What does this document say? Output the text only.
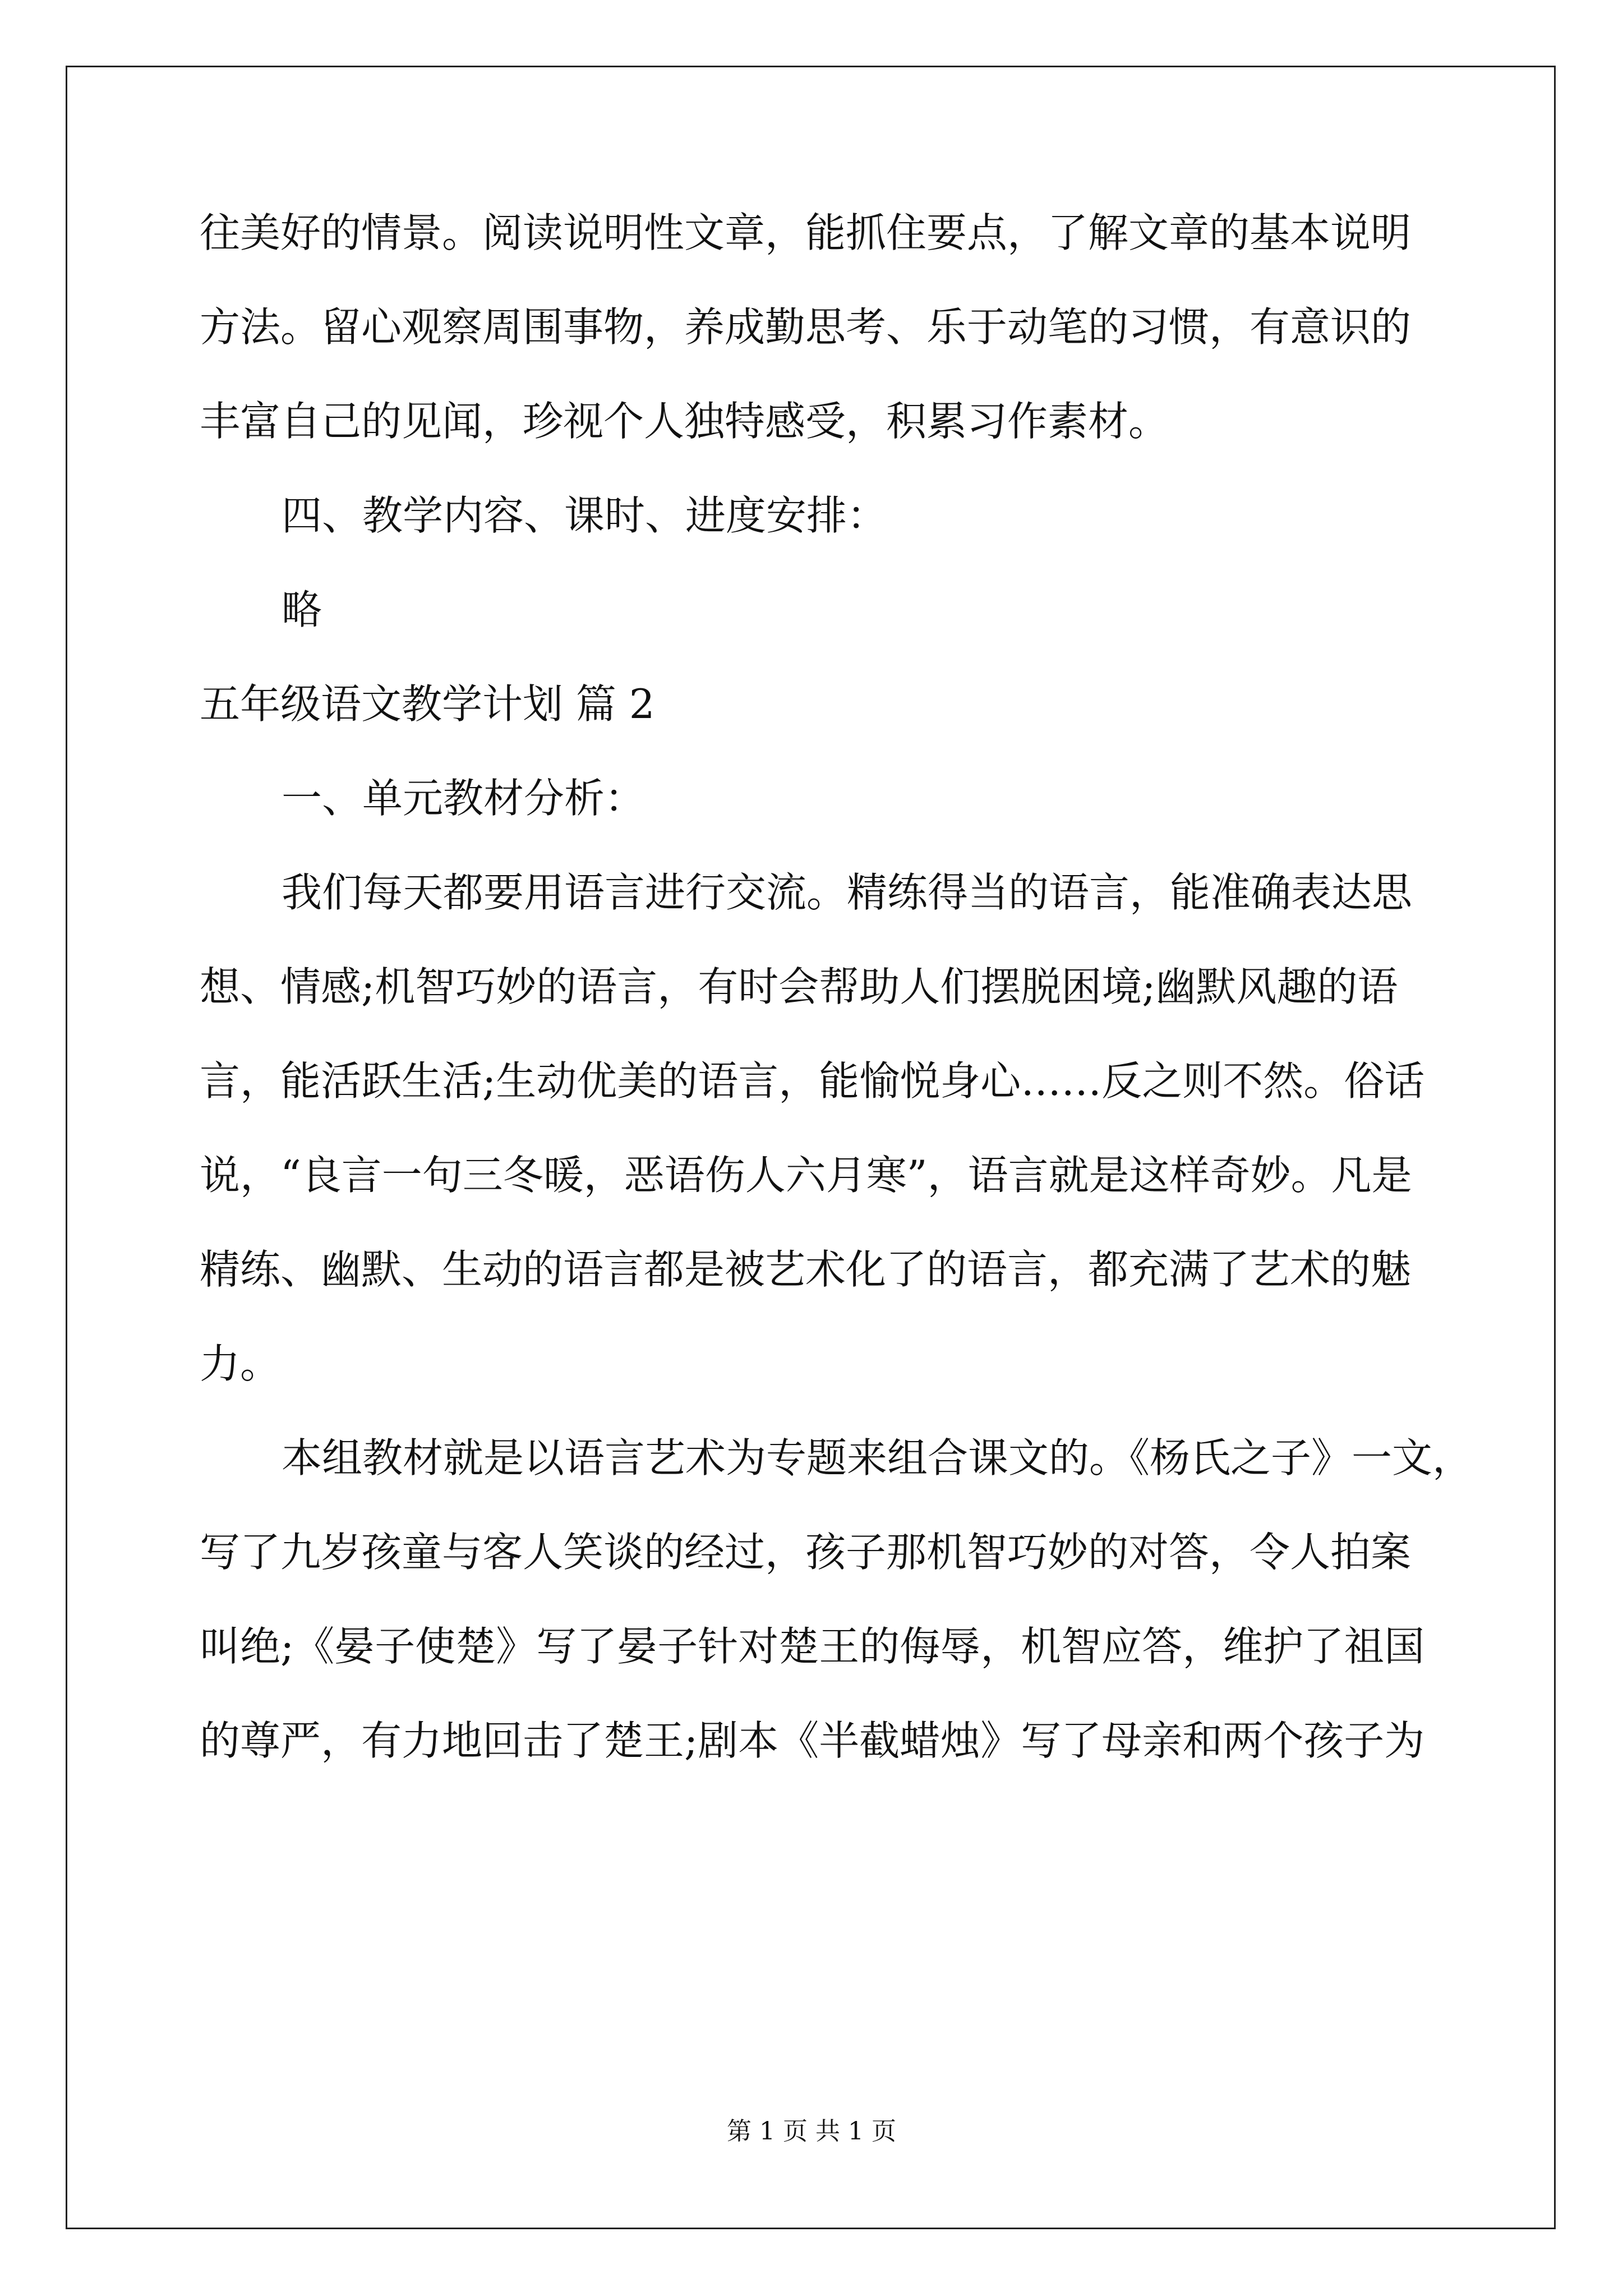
往美好的情景。阅读说明性文章，能抓住要点，了解文章的基本说明
方法。留心观察周围事物，养成勤思考、乐于动笔的习惯，有意识的
丰富自己的见闻，珍视个人独特感受，积累习作素材。
四、教学内容、课时、进度安排：
略
五年级语文教学计划 篇 2
一、单元教材分析：
我们每天都要用语言进行交流。精练得当的语言，能准确表达思
想、情感;机智巧妙的语言，有时会帮助人们摆脱困境;幽默风趣的语
言，能活跃生活;生动优美的语言，能愉悦身心……反之则不然。俗话
说，“良言一句三冬暖，恶语伤人六月寒”，语言就是这样奇妙。凡是
精练、幽默、生动的语言都是被艺术化了的语言，都充满了艺术的魅
力。
本组教材就是以语言艺术为专题来组合课文的。《杨氏之子》一文，
写了九岁孩童与客人笑谈的经过，孩子那机智巧妙的对答，令人拍案
叫绝;《晏子使楚》写了晏子针对楚王的侮辱，机智应答，维护了祖国
的尊严，有力地回击了楚王;剧本《半截蜡烛》写了母亲和两个孩子为
第 1 页 共 1 页
